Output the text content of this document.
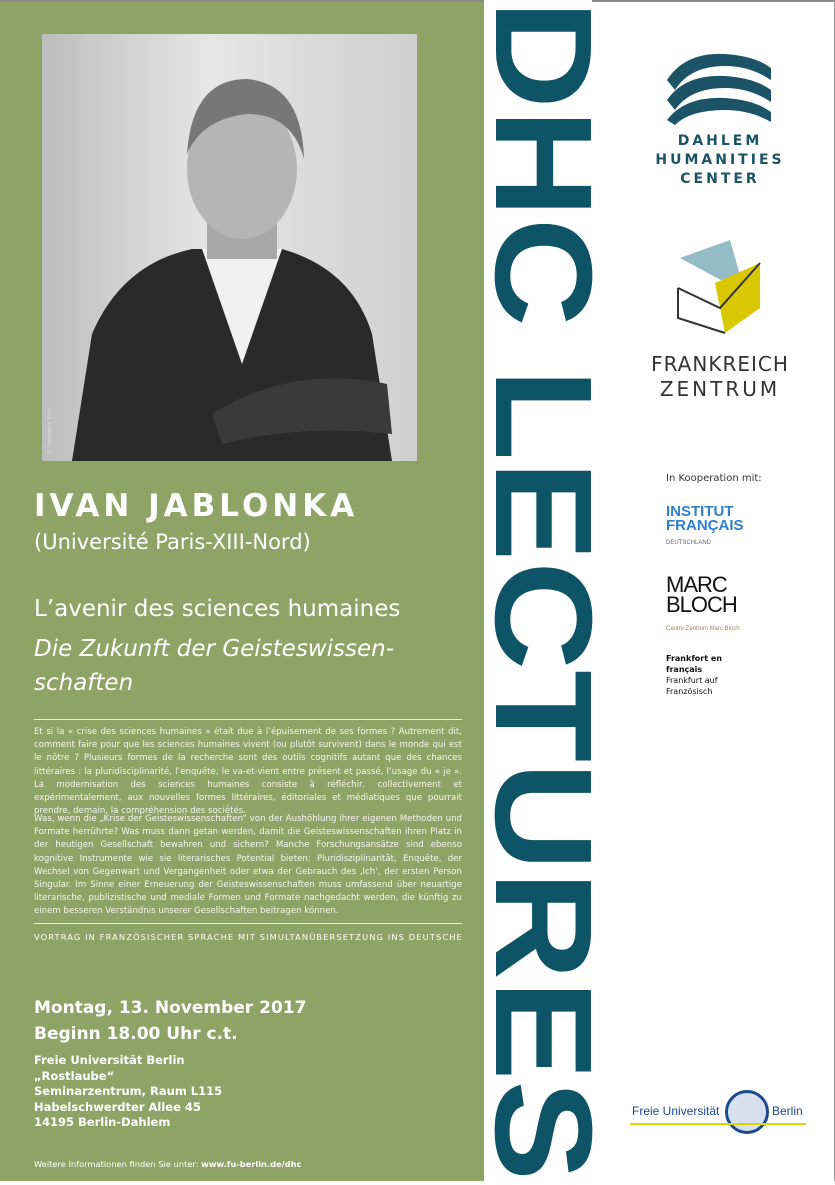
DHC LECTURES
© Hermance Triay
IVAN JABLONKA
(Université Paris-XIII-Nord)
L’avenir des sciences humaines
Die Zukunft der Geisteswissen-schaften
Et si la « crise des sciences humaines » était due à l’épuisement de ses formes ? Autrement dit, comment faire pour que les sciences humaines vivent (ou plutôt survivent) dans le monde qui est le nôtre ? Plusieurs formes de la recherche sont des outils cognitifs autant que des chances littéraires : la pluridisciplinarité, l’enquête, le va-et-vient entre présent et passé, l’usage du « je ». La modernisation des sciences humaines consiste à réfléchir, collectivement et expérimentalement, aux nouvelles formes littéraires, éditoriales et médiatiques que pourrait prendre, demain, la compréhension des sociétés.
Was, wenn die „Krise der Geisteswissenschaften“ von der Aushöhlung ihrer eigenen Methoden und Formate herrührte? Was muss dann getan werden, damit die Geisteswissenschaften ihren Platz in der heutigen Gesellschaft bewahren und sichern? Manche Forschungsansätze sind ebenso kognitive Instrumente wie sie literarisches Potential bieten: Pluridisziplinarität, Enquête, der Wechsel von Gegenwart und Vergangenheit oder etwa der Gebrauch des ‚Ich‘, der ersten Person Singular. Im Sinne einer Erneuerung der Geisteswissenschaften muss umfassend über neuartige literarische, publizistische und mediale Formen und Formate nachgedacht werden, die künftig zu einem besseren Verständnis unserer Gesellschaften beitragen können.
VORTRAG IN FRANZÖSISCHER SPRACHE MIT SIMULTANÜBERSETZUNG INS DEUTSCHE
Montag, 13. November 2017
Beginn 18.00 Uhr c.t.
Freie Universität Berlin
„Rostlaube“
Seminarzentrum, Raum L115
Habelschwerdter Allee 45
14195 Berlin-Dahlem
Weitere Informationen finden Sie unter: www.fu-berlin.de/dhc
DAHLEM
HUMANITIES
CENTER
FRANKREICH
ZENTRUM
In Kooperation mit:
INSTITUT
FRANÇAIS
DEUTSCHLAND
MARC
BLOCH
Centre Zentrum Marc Bloch
Frankfort en français
Frankfurt auf Französisch
Freie Universität	Berlin
